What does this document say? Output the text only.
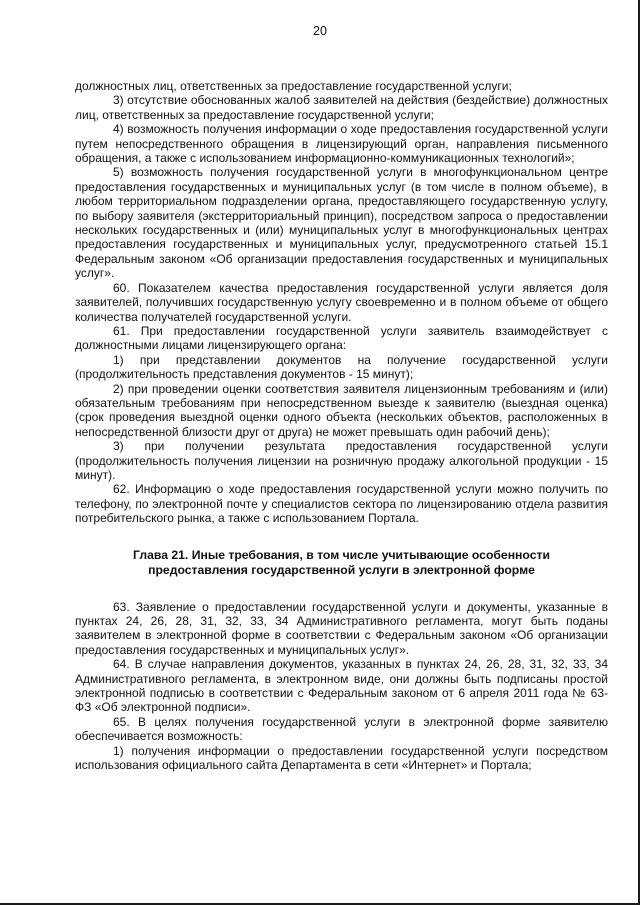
20

должностных лиц, ответственных за предоставление государственной услуги;

3) отсутствие обоснованных жалоб заявителей на действия (бездействие) должностных лиц, ответственных за предоставление государственной услуги;

4) возможность получения информации о ходе предоставления государственной услуги путем непосредственного обращения в лицензирующий орган, направления письменного обращения, а также с использованием информационно-коммуникационных технологий»;

5) возможность получения государственной услуги в многофункциональном центре предоставления государственных и муниципальных услуг (в том числе в полном объеме), в любом территориальном подразделении органа, предоставляющего государственную услугу, по выбору заявителя (экстерриториальный принцип), посредством запроса о предоставлении нескольких государственных и (или) муниципальных услуг в многофункциональных центрах предоставления государственных и муниципальных услуг, предусмотренного статьей 15.1 Федеральным законом «Об организации предоставления государственных и муниципальных услуг».

60. Показателем качества предоставления государственной услуги является доля заявителей, получивших государственную услугу своевременно и в полном объеме от общего количества получателей государственной услуги.

61. При предоставлении государственной услуги заявитель взаимодействует с должностными лицами лицензирующего органа:

1) при представлении документов на получение государственной услуги (продолжительность представления документов - 15 минут);

2) при проведении оценки соответствия заявителя лицензионным требованиям и (или) обязательным требованиям при непосредственном выезде к заявителю (выездная оценка) (срок проведения выездной оценки одного объекта (нескольких объектов, расположенных в непосредственной близости друг от друга) не может превышать один рабочий день);

3) при получении результата предоставления государственной услуги (продолжительность получения лицензии на розничную продажу алкогольной продукции - 15 минут).

62. Информацию о ходе предоставления государственной услуги можно получить по телефону, по электронной почте у специалистов сектора по лицензированию отдела развития потребительского рынка, а также с использованием Портала.

Глава 21. Иные требования, в том числе учитывающие особенности
предоставления государственной услуги в электронной форме

63. Заявление о предоставлении государственной услуги и документы, указанные в пунктах 24, 26, 28, 31, 32, 33, 34 Административного регламента, могут быть поданы заявителем в электронной форме в соответствии с Федеральным законом «Об организации предоставления государственных и муниципальных услуг».

64. В случае направления документов, указанных в пунктах 24, 26, 28, 31, 32, 33, 34 Административного регламента, в электронном виде, они должны быть подписаны простой электронной подписью в соответствии с Федеральным законом от 6 апреля 2011 года № 63-ФЗ «Об электронной подписи».

65. В целях получения государственной услуги в электронной форме заявителю обеспечивается возможность:

1) получения информации о предоставлении государственной услуги посредством использования официального сайта Департамента в сети «Интернет» и Портала;
